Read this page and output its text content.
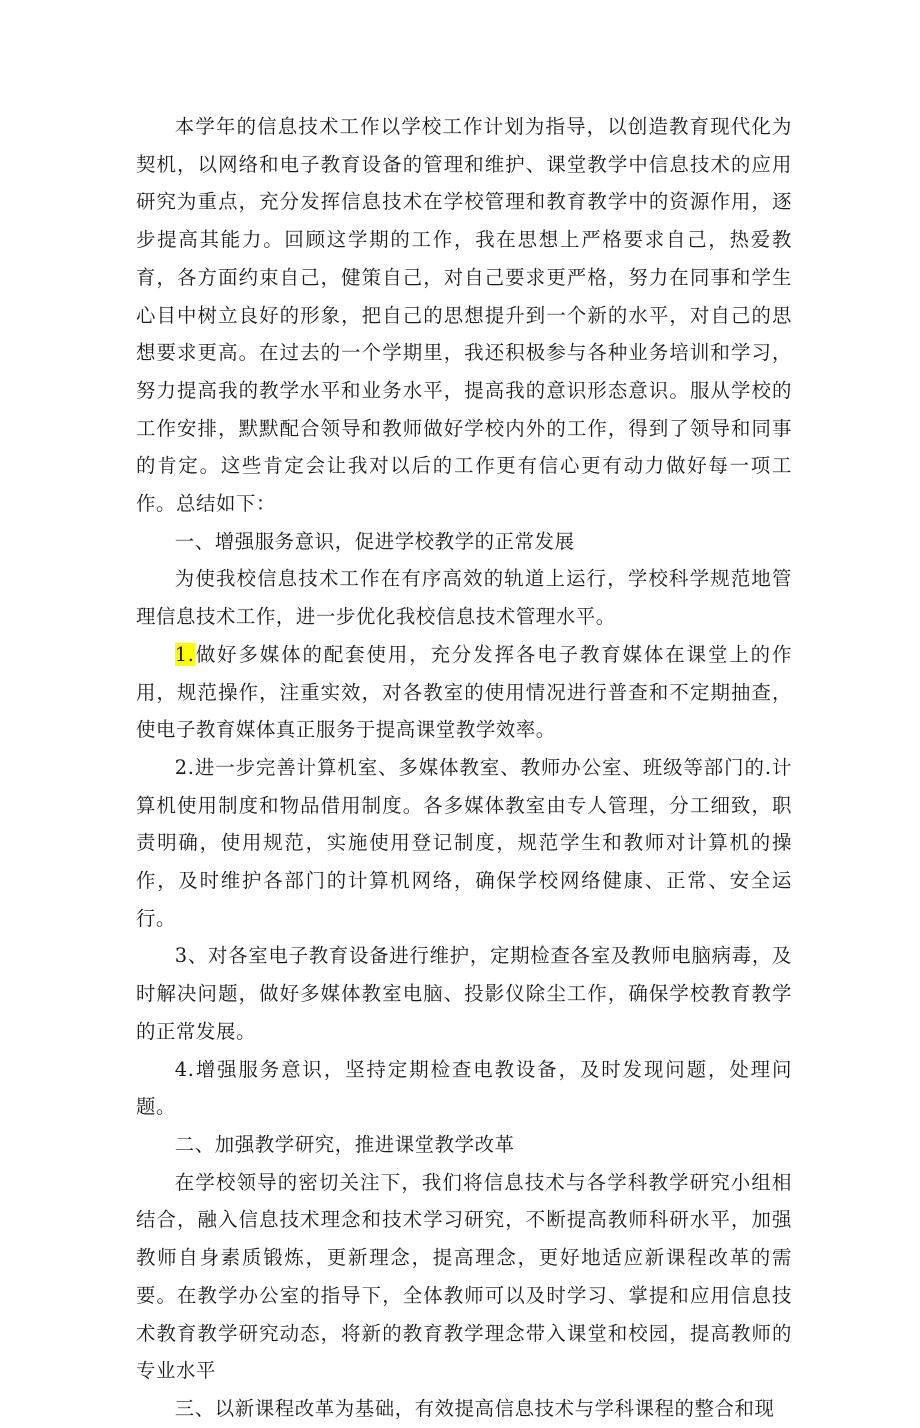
本学年的信息技术工作以学校工作计划为指导，以创造教育现代化为契机，以网络和电子教育设备的管理和维护、课堂教学中信息技术的应用研究为重点，充分发挥信息技术在学校管理和教育教学中的资源作用，逐步提高其能力。回顾这学期的工作，我在思想上严格要求自己，热爱教育，各方面约束自己，健策自己，对自己要求更严格，努力在同事和学生心目中树立良好的形象，把自己的思想提升到一个新的水平，对自己的思想要求更高。在过去的一个学期里，我还积极参与各种业务培训和学习，努力提高我的教学水平和业务水平，提高我的意识形态意识。服从学校的工作安排，默默配合领导和教师做好学校内外的工作，得到了领导和同事的肯定。这些肯定会让我对以后的工作更有信心更有动力做好每一项工作。总结如下：

一、增强服务意识，促进学校教学的正常发展

为使我校信息技术工作在有序高效的轨道上运行，学校科学规范地管理信息技术工作，进一步优化我校信息技术管理水平。

1.做好多媒体的配套使用，充分发挥各电子教育媒体在课堂上的作用，规范操作，注重实效，对各教室的使用情况进行普查和不定期抽查，使电子教育媒体真正服务于提高课堂教学效率。

2.进一步完善计算机室、多媒体教室、教师办公室、班级等部门的.计算机使用制度和物品借用制度。各多媒体教室由专人管理，分工细致，职责明确，使用规范，实施使用登记制度，规范学生和教师对计算机的操作，及时维护各部门的计算机网络，确保学校网络健康、正常、安全运行。

3、对各室电子教育设备进行维护，定期检查各室及教师电脑病毒，及时解决问题，做好多媒体教室电脑、投影仪除尘工作，确保学校教育教学的正常发展。

4.增强服务意识，坚持定期检查电教设备，及时发现问题，处理问题。

二、加强教学研究，推进课堂教学改革

在学校领导的密切关注下，我们将信息技术与各学科教学研究小组相结合，融入信息技术理念和技术学习研究，不断提高教师科研水平，加强教师自身素质锻炼，更新理念，提高理念，更好地适应新课程改革的需要。在教学办公室的指导下，全体教师可以及时学习、掌提和应用信息技术教育教学研究动态，将新的教育教学理念带入课堂和校园，提高教师的专业水平

三、以新课程改革为基础，有效提高信息技术与学科课程的整合和现
